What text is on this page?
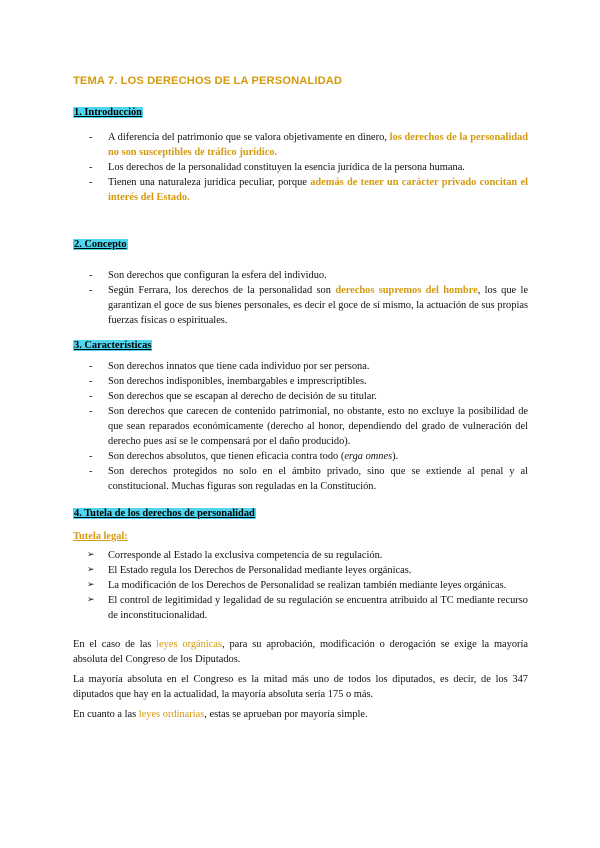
TEMA 7. LOS DERECHOS DE LA PERSONALIDAD
1. Introducción
- A diferencia del patrimonio que se valora objetivamente en dinero, los derechos de la personalidad no son susceptibles de tráfico jurídico.
- Los derechos de la personalidad constituyen la esencia jurídica de la persona humana.
- Tienen una naturaleza jurídica peculiar, porque además de tener un carácter privado concitan el interés del Estado.
2. Concepto
- Son derechos que configuran la esfera del individuo.
- Según Ferrara, los derechos de la personalidad son derechos supremos del hombre, los que le garantizan el goce de sus bienes personales, es decir el goce de sí mismo, la actuación de sus propias fuerzas físicas o espirituales.
3. Características
- Son derechos innatos que tiene cada individuo por ser persona.
- Son derechos indisponibles, inembargables e imprescriptibles.
- Son derechos que se escapan al derecho de decisión de su titular.
- Son derechos que carecen de contenido patrimonial, no obstante, esto no excluye la posibilidad de que sean reparados económicamente (derecho al honor, dependiendo del grado de vulneración del derecho pues así se le compensará por el daño producido).
- Son derechos absolutos, que tienen eficacia contra todo (erga omnes).
- Son derechos protegidos no solo en el ámbito privado, sino que se extiende al penal y al constitucional. Muchas figuras son reguladas en la Constitución.
4. Tutela de los derechos de personalidad
Tutela legal:
➢ Corresponde al Estado la exclusiva competencia de su regulación.
➢ El Estado regula los Derechos de Personalidad mediante leyes orgánicas.
➢ La modificación de los Derechos de Personalidad se realizan también mediante leyes orgánicas.
➢ El control de legitimidad y legalidad de su regulación se encuentra atribuido al TC mediante recurso de inconstitucionalidad.

En el caso de las leyes orgánicas, para su aprobación, modificación o derogación se exige la mayoría absoluta del Congreso de los Diputados.

La mayoría absoluta en el Congreso es la mitad más uno de todos los diputados, es decir, de los 347 diputados que hay en la actualidad, la mayoría absoluta sería 175 o más.

En cuanto a las leyes ordinarias, estas se aprueban por mayoría simple.
